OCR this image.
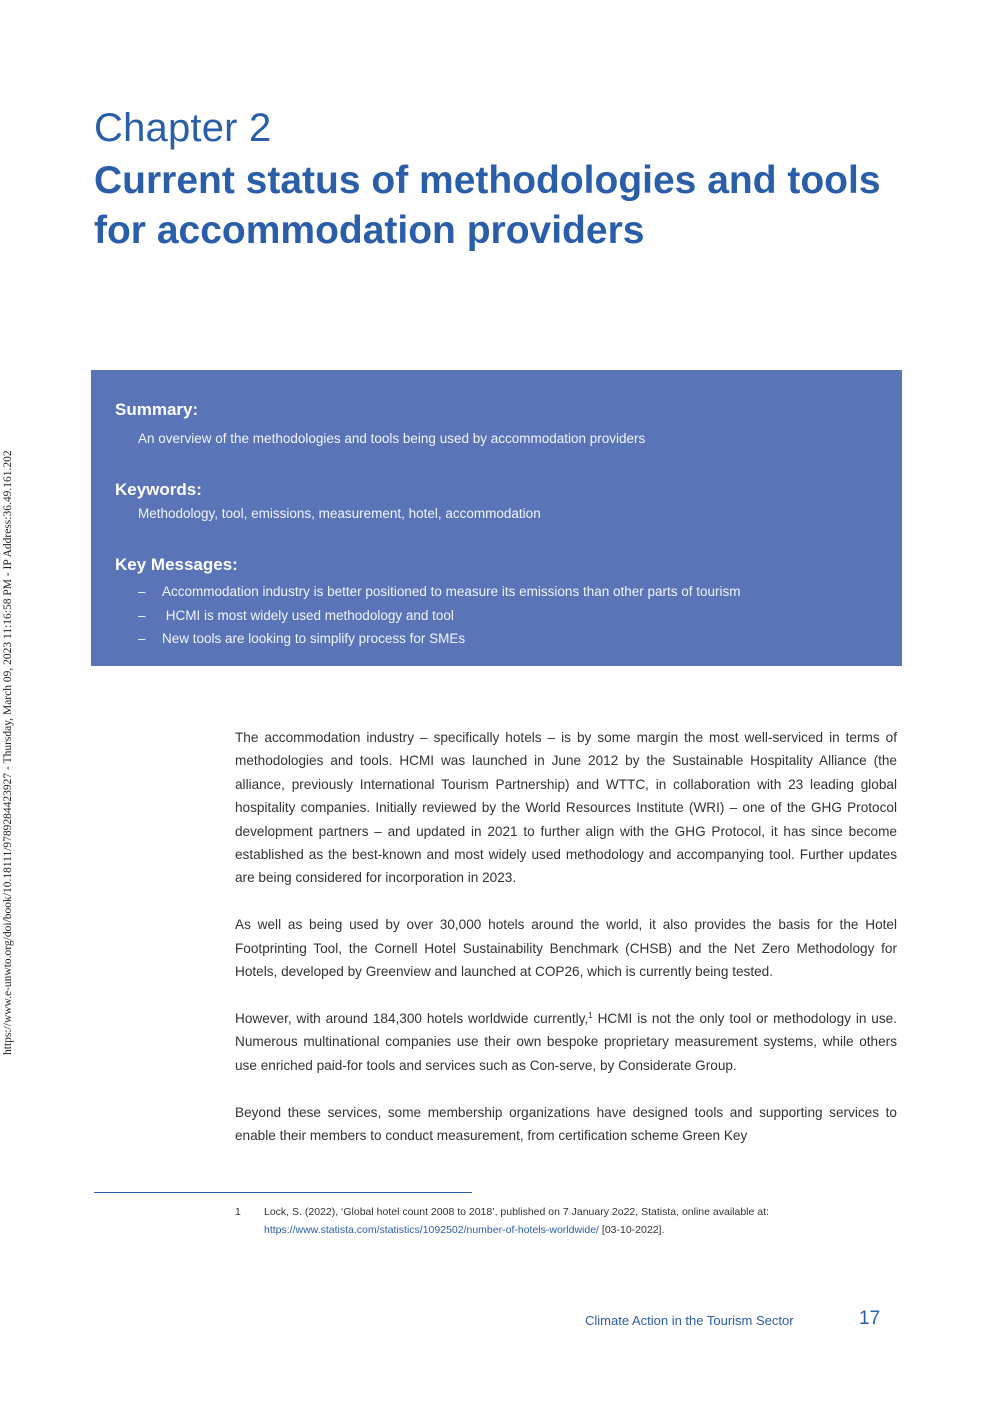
https://www.e-unwto.org/doi/book/10.18111/9789284423927 - Thursday, March 09, 2023 11:16:58 PM - IP Address:36.49.161.202
Chapter 2
Current status of methodologies and tools for accommodation providers
Summary:
An overview of the methodologies and tools being used by accommodation providers
Keywords:
Methodology, tool, emissions, measurement, hotel, accommodation
Key Messages:
– Accommodation industry is better positioned to measure its emissions than other parts of tourism
– HCMI is most widely used methodology and tool
– New tools are looking to simplify process for SMEs

The accommodation industry – specifically hotels – is by some margin the most well-serviced in terms of methodologies and tools. HCMI was launched in June 2012 by the Sustainable Hospitality Alliance (the alliance, previously International Tourism Partnership) and WTTC, in collaboration with 23 leading global hospitality companies. Initially reviewed by the World Resources Institute (WRI) – one of the GHG Protocol development partners – and updated in 2021 to further align with the GHG Protocol, it has since become established as the best-known and most widely used methodology and accompanying tool. Further updates are being considered for incorporation in 2023.

As well as being used by over 30,000 hotels around the world, it also provides the basis for the Hotel Footprinting Tool, the Cornell Hotel Sustainability Benchmark (CHSB) and the Net Zero Methodology for Hotels, developed by Greenview and launched at COP26, which is currently being tested.

However, with around 184,300 hotels worldwide currently,$^1$ HCMI is not the only tool or methodology in use. Numerous multinational companies use their own bespoke proprietary measurement systems, while others use enriched paid-for tools and services such as Con-serve, by Considerate Group.

Beyond these services, some membership organizations have designed tools and supporting services to enable their members to conduct measurement, from certification scheme Green Key

1 Lock, S. (2022), ‘Global hotel count 2008 to 2018’, published on 7 January 2o22, Statista, online available at:
https://www.statista.com/statistics/1092502/number-of-hotels-worldwide/ [03-10-2022].
Climate Action in the Tourism Sector	17
